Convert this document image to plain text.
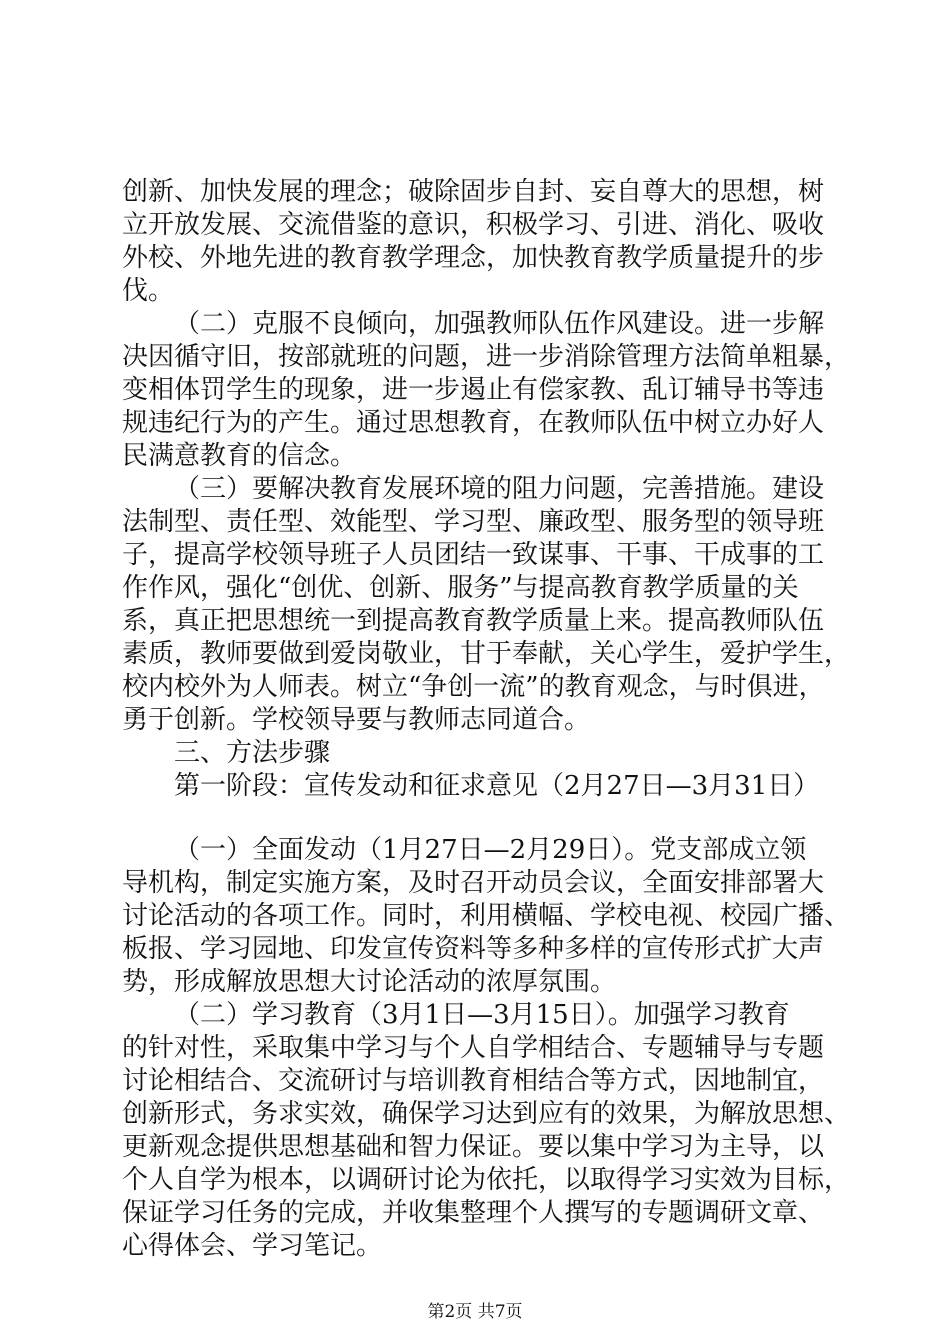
创新、加快发展的理念；破除固步自封、妄自尊大的思想，树
立开放发展、交流借鉴的意识，积极学习、引进、消化、吸收
外校、外地先进的教育教学理念，加快教育教学质量提升的步
伐。
（二）克服不良倾向，加强教师队伍作风建设。进一步解
决因循守旧，按部就班的问题，进一步消除管理方法简单粗暴，
变相体罚学生的现象，进一步遏止有偿家教、乱订辅导书等违
规违纪行为的产生。通过思想教育，在教师队伍中树立办好人
民满意教育的信念。
（三）要解决教育发展环境的阻力问题，完善措施。建设
法制型、责任型、效能型、学习型、廉政型、服务型的领导班
子，提高学校领导班子人员团结一致谋事、干事、干成事的工
作作风，强化“创优、创新、服务”与提高教育教学质量的关
系，真正把思想统一到提高教育教学质量上来。提高教师队伍
素质，教师要做到爱岗敬业，甘于奉献，关心学生，爱护学生，
校内校外为人师表。树立“争创一流”的教育观念，与时俱进，
勇于创新。学校领导要与教师志同道合。
三、方法步骤
第一阶段：宣传发动和征求意见（2月27日—3月31日）
（一）全面发动（1月27日—2月29日）。党支部成立领
导机构，制定实施方案，及时召开动员会议，全面安排部署大
讨论活动的各项工作。同时，利用横幅、学校电视、校园广播、
板报、学习园地、印发宣传资料等多种多样的宣传形式扩大声
势，形成解放思想大讨论活动的浓厚氛围。
（二）学习教育（3月1日—3月15日）。加强学习教育
的针对性，采取集中学习与个人自学相结合、专题辅导与专题
讨论相结合、交流研讨与培训教育相结合等方式，因地制宜，
创新形式，务求实效，确保学习达到应有的效果，为解放思想、
更新观念提供思想基础和智力保证。要以集中学习为主导，以
个人自学为根本，以调研讨论为依托，以取得学习实效为目标，
保证学习任务的完成，并收集整理个人撰写的专题调研文章、
心得体会、学习笔记。
第2页 共7页
